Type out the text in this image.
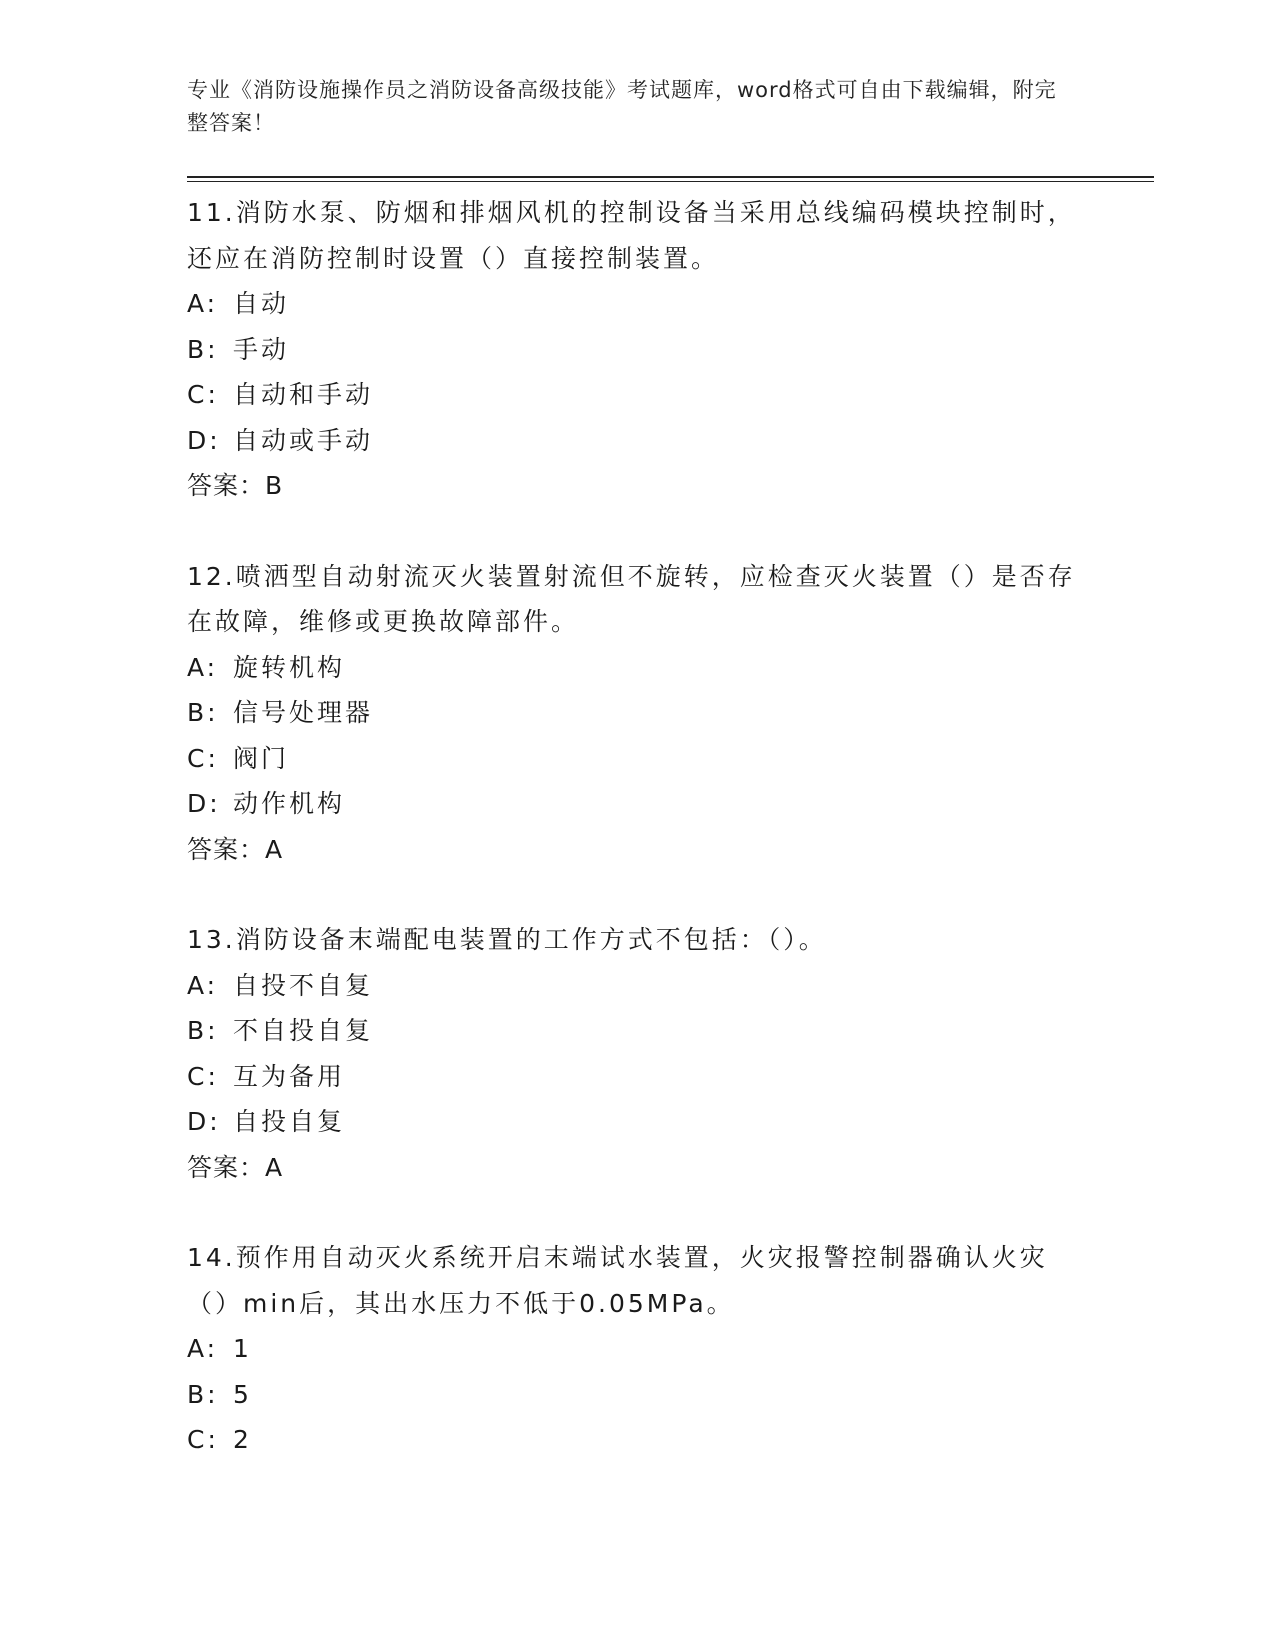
专业《消防设施操作员之消防设备高级技能》考试题库，word格式可自由下载编辑，附完整答案！
11.消防水泵、防烟和排烟风机的控制设备当采用总线编码模块控制时，还应在消防控制时设置（）直接控制装置。
A: 自动
B: 手动
C: 自动和手动
D: 自动或手动
答案：B
12.喷洒型自动射流灭火装置射流但不旋转，应检查灭火装置（）是否存在故障，维修或更换故障部件。
A: 旋转机构
B: 信号处理器
C: 阀门
D: 动作机构
答案：A
13.消防设备末端配电装置的工作方式不包括：（）。
A: 自投不自复
B: 不自投自复
C: 互为备用
D: 自投自复
答案：A
14.预作用自动灭火系统开启末端试水装置，火灾报警控制器确认火灾（）min后，其出水压力不低于0.05MPa。
A: 1
B: 5
C: 2
